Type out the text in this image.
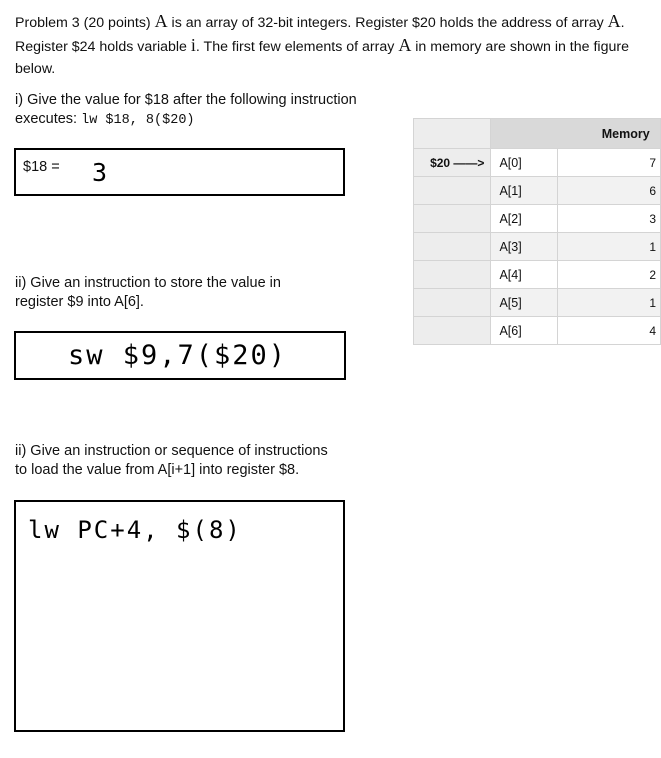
Problem 3 (20 points) A is an array of 32-bit integers. Register $20 holds the address of array A. Register $24 holds variable i. The first few elements of array A in memory are shown in the figure below.
i) Give the value for $18 after the following instruction
executes: lw $18, 8($20)
$18 = 3
ii) Give an instruction to store the value in
register $9 into A[6].
sw $9,7($20)
ii) Give an instruction or sequence of instructions
to load the value from A[i+1] into register $8.
lw PC+4, $(8)
	Memory	
$20 ——>	A[0]	7
	A[1]	6
	A[2]	3
	A[3]	1
	A[4]	2
	A[5]	1
	A[6]	4
